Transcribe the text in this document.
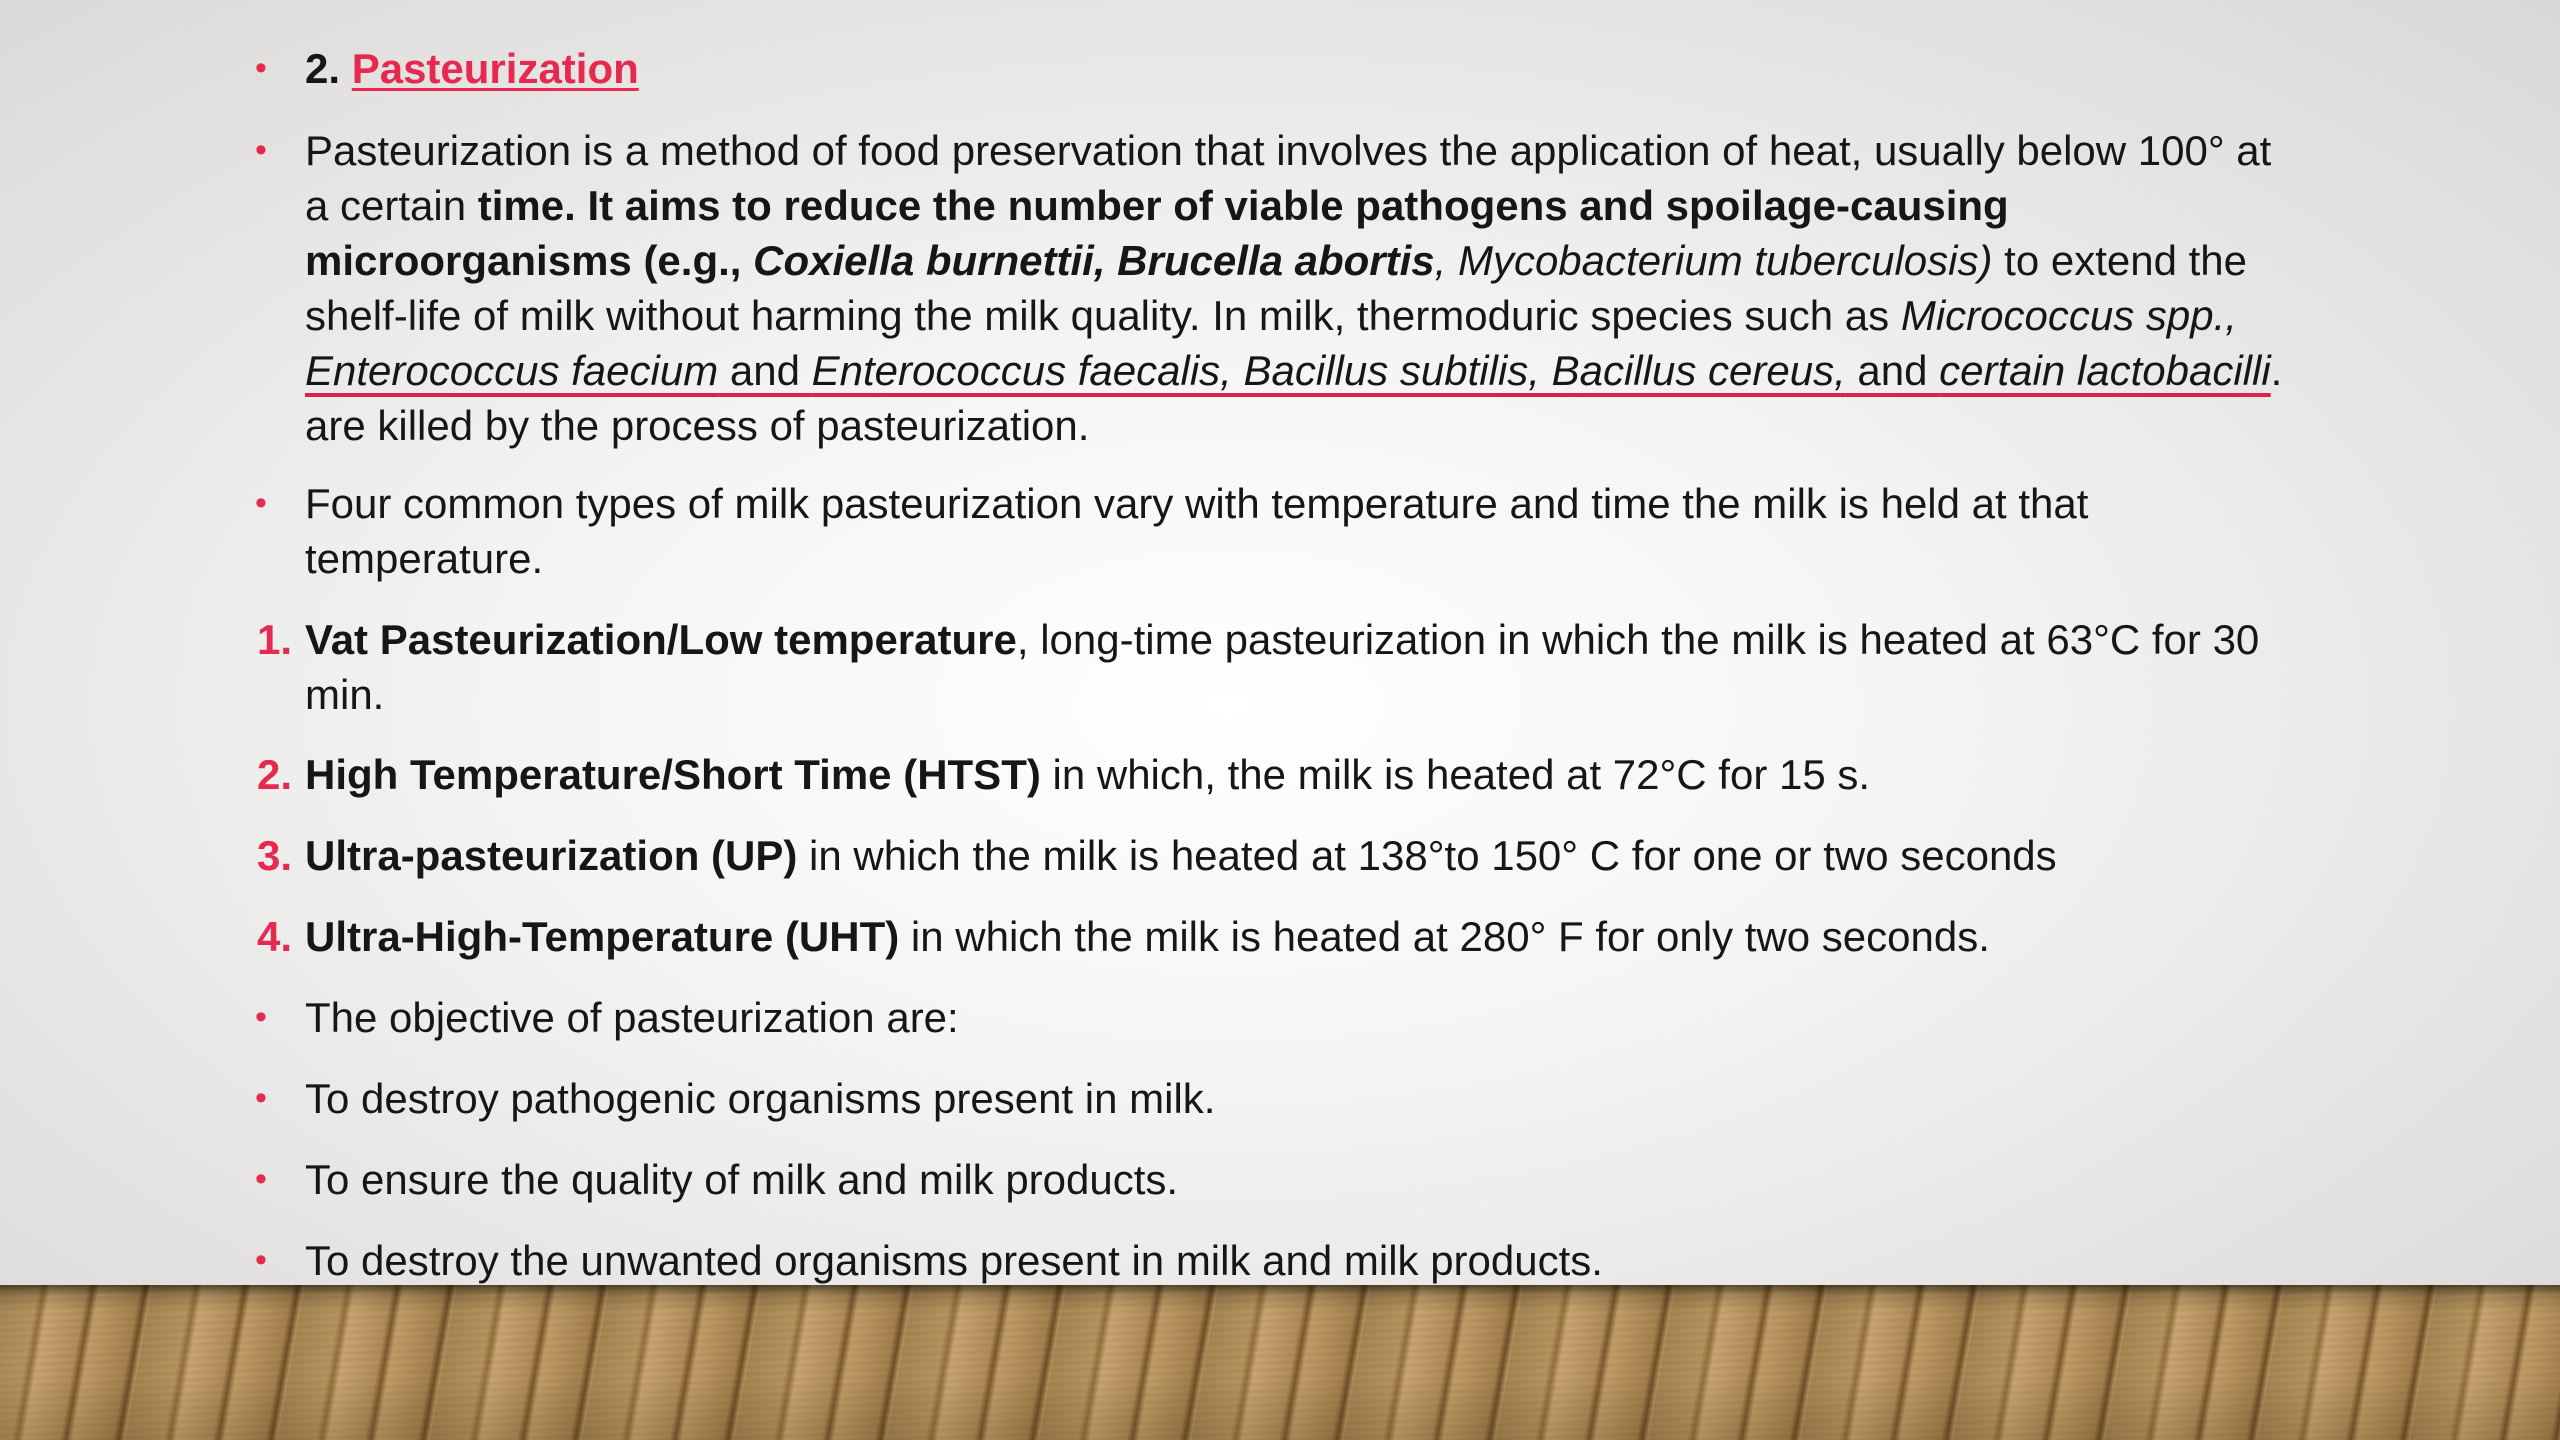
• 2. Pasteurization
• Pasteurization is a method of food preservation that involves the application of heat, usually below 100° at
a certain time. It aims to reduce the number of viable pathogens and spoilage-causing
microorganisms (e.g., Coxiella burnettii, Brucella abortis, Mycobacterium tuberculosis) to extend the
shelf-life of milk without harming the milk quality. In milk, thermoduric species such as Micrococcus spp.,
Enterococcus faecium and Enterococcus faecalis, Bacillus subtilis, Bacillus cereus, and certain lactobacilli.
are killed by the process of pasteurization.
• Four common types of milk pasteurization vary with temperature and time the milk is held at that
temperature.
1. Vat Pasteurization/Low temperature, long-time pasteurization in which the milk is heated at 63°C for 30
min.
2. High Temperature/Short Time (HTST) in which, the milk is heated at 72°C for 15 s.
3. Ultra-pasteurization (UP) in which the milk is heated at 138°to 150° C for one or two seconds
4. Ultra-High-Temperature (UHT) in which the milk is heated at 280° F for only two seconds.
• The objective of pasteurization are:
• To destroy pathogenic organisms present in milk.
• To ensure the quality of milk and milk products.
• To destroy the unwanted organisms present in milk and milk products.
